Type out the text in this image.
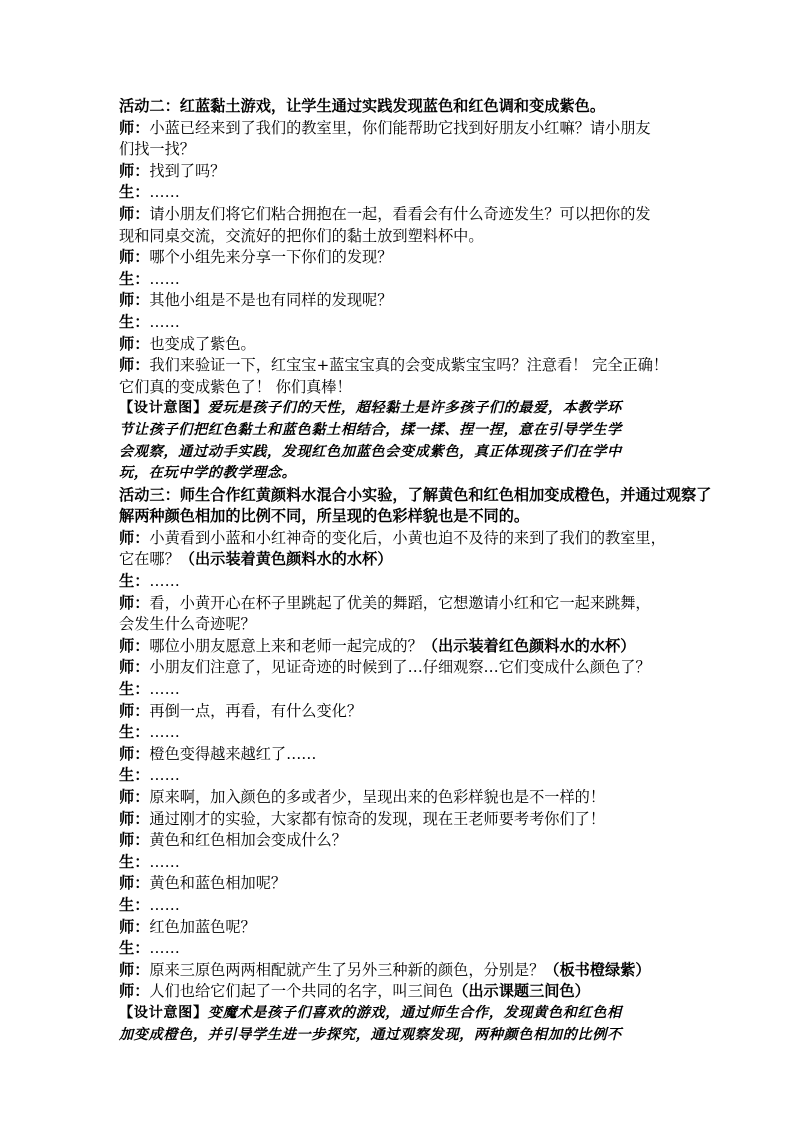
活动二：红蓝黏土游戏，让学生通过实践发现蓝色和红色调和变成紫色。
师：小蓝已经来到了我们的教室里，你们能帮助它找到好朋友小红嘛？请小朋友
们找一找？
师：找到了吗？
生：……
师：请小朋友们将它们粘合拥抱在一起，看看会有什么奇迹发生？可以把你的发
现和同桌交流，交流好的把你们的黏土放到塑料杯中。
师：哪个小组先来分享一下你们的发现？
生：……
师：其他小组是不是也有同样的发现呢？
生：……
师：也变成了紫色。
师：我们来验证一下，红宝宝+蓝宝宝真的会变成紫宝宝吗？注意看！ 完全正确！
它们真的变成紫色了！ 你们真棒！
【设计意图】爱玩是孩子们的天性，超轻黏土是许多孩子们的最爱，本教学环
节让孩子们把红色黏土和蓝色黏土相结合，揉一揉、捏一捏，意在引导学生学
会观察，通过动手实践，发现红色加蓝色会变成紫色，真正体现孩子们在学中
玩，在玩中学的教学理念。
活动三：师生合作红黄颜料水混合小实验，了解黄色和红色相加变成橙色，并通过观察了
解两种颜色相加的比例不同，所呈现的色彩样貌也是不同的。
师：小黄看到小蓝和小红神奇的变化后，小黄也迫不及待的来到了我们的教室里，
它在哪？（出示装着黄色颜料水的水杯）
生：……
师：看，小黄开心在杯子里跳起了优美的舞蹈，它想邀请小红和它一起来跳舞，
会发生什么奇迹呢？
师：哪位小朋友愿意上来和老师一起完成的？（出示装着红色颜料水的水杯）
师：小朋友们注意了，见证奇迹的时候到了…仔细观察…它们变成什么颜色了？
生：……
师：再倒一点，再看，有什么变化？
生：……
师：橙色变得越来越红了……
生：……
师：原来啊，加入颜色的多或者少，呈现出来的色彩样貌也是不一样的！
师：通过刚才的实验，大家都有惊奇的发现，现在王老师要考考你们了！
师：黄色和红色相加会变成什么？
生：……
师：黄色和蓝色相加呢？
生：……
师：红色加蓝色呢？
生：……
师：原来三原色两两相配就产生了另外三种新的颜色，分别是？（板书橙绿紫）
师：人们也给它们起了一个共同的名字，叫三间色（出示课题三间色）
【设计意图】变魔术是孩子们喜欢的游戏，通过师生合作，发现黄色和红色相
加变成橙色，并引导学生进一步探究，通过观察发现，两种颜色相加的比例不
